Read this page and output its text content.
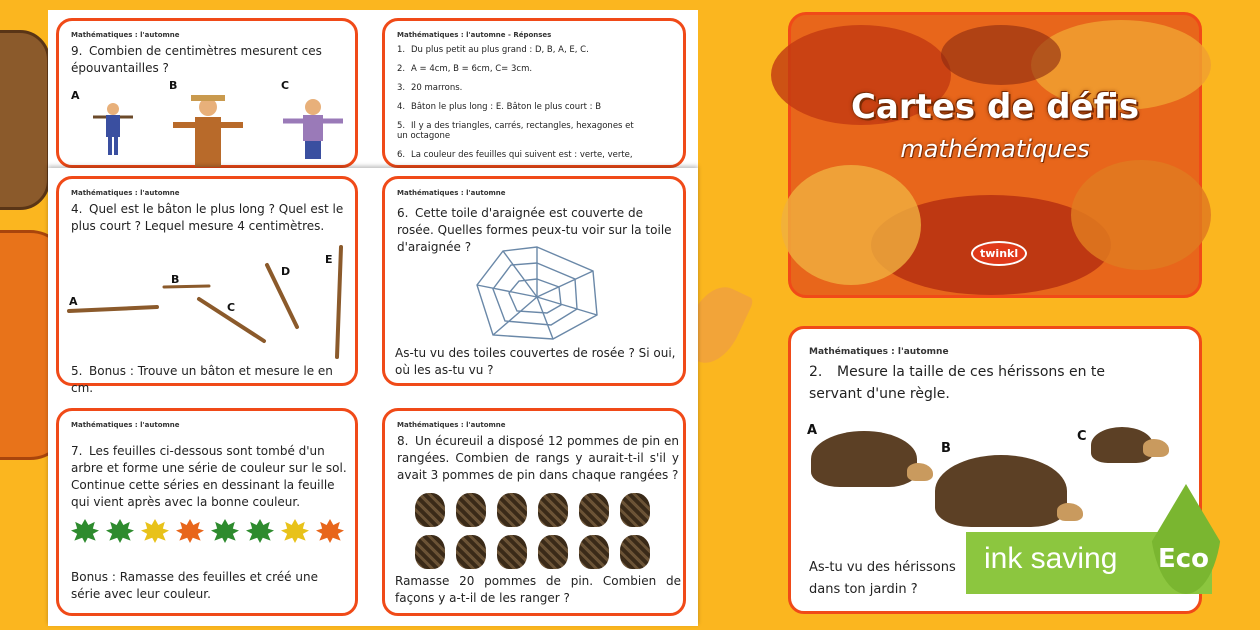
Mathématiques : l'automne
9. Combien de centimètres mesurent ces épouvantailles ?
A
B	C
Mathématiques : l'automne - Réponses
1. Du plus petit au plus grand : D, B, A, E, C.
2. A = 4cm, B = 6cm, C= 3cm.
3. 20 marrons.
4. Bâton le plus long : E. Bâton le plus court : B
5. Il y a des triangles, carrés, rectangles, hexagones et un octagone
6. La couleur des feuilles qui suivent est : verte, verte,
Mathématiques : l'automne
4. Quel est le bâton le plus long ? Quel est le plus court ? Lequel mesure 4 centimètres.
A
B
C
D
E
5. Bonus : Trouve un bâton et mesure le en cm.
Mathématiques : l'automne
6. Cette toile d'araignée est couverte de rosée. Quelles formes peux-tu voir sur la toile d'araignée ?
As-tu vu des toiles couvertes de rosée ? Si oui, où les as-tu vu ?
Mathématiques : l'automne
7. Les feuilles ci-dessous sont tombé d'un arbre et forme une série de couleur sur le sol. Continue cette séries en dessinant la feuille qui vient après avec la bonne couleur.
Bonus : Ramasse des feuilles et créé une série avec leur couleur.
Mathématiques : l'automne
8. Un écureuil a disposé 12 pommes de pin en rangées. Combien de rangs y aurait-t-il s'il y avait 3 pommes de pin dans chaque rangées ?
Ramasse 20 pommes de pin. Combien de façons y a-t-il de les ranger ?
Cartes de défis
mathématiques
twinkl
Mathématiques : l'automne
2. Mesure la taille de ces hérissons en te servant d'une règle.
A
B
C
As-tu vu des hérissons dans ton jardin ?
ink saving Eco
